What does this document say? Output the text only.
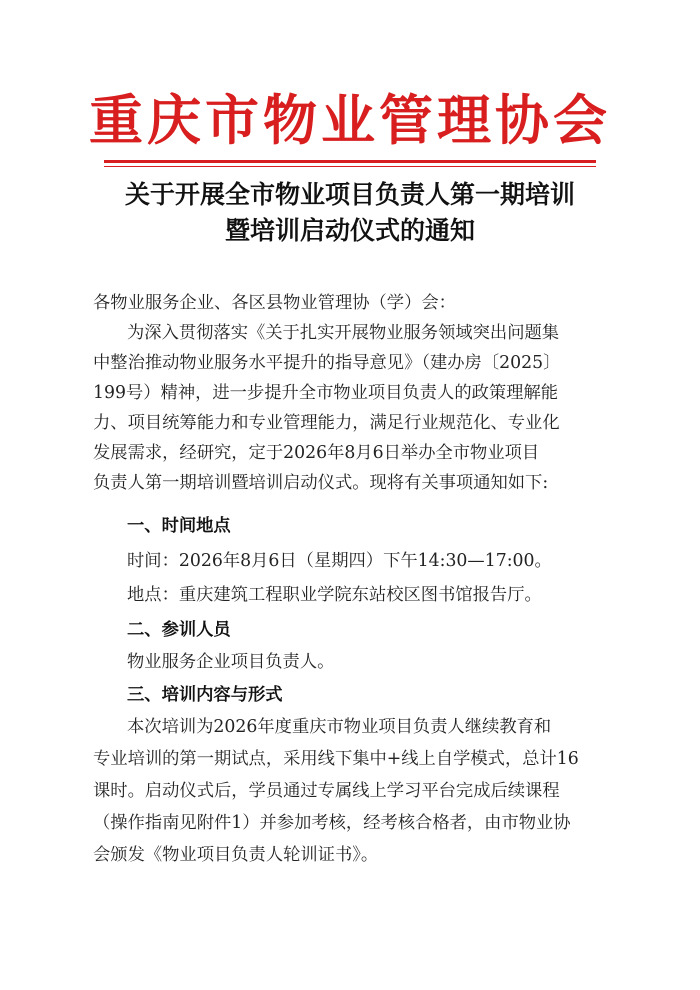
重庆市物业管理协会
关于开展全市物业项目负责人第一期培训
暨培训启动仪式的通知
各物业服务企业、各区县物业管理协（学）会：
为深入贯彻落实《关于扎实开展物业服务领域突出问题集
中整治推动物业服务水平提升的指导意见》（建办房〔2025〕
199号）精神，进一步提升全市物业项目负责人的政策理解能
力、项目统筹能力和专业管理能力，满足行业规范化、专业化
发展需求，经研究，定于2026年8月6日举办全市物业项目
负责人第一期培训暨培训启动仪式。现将有关事项通知如下:
一、时间地点
时间：2026年8月6日（星期四）下午14:30—17:00。
地点：重庆建筑工程职业学院东站校区图书馆报告厅。
二、参训人员
物业服务企业项目负责人。
三、培训内容与形式
本次培训为2026年度重庆市物业项目负责人继续教育和
专业培训的第一期试点，采用线下集中+线上自学模式，总计16
课时。启动仪式后，学员通过专属线上学习平台完成后续课程
（操作指南见附件1）并参加考核，经考核合格者，由市物业协
会颁发《物业项目负责人轮训证书》。
